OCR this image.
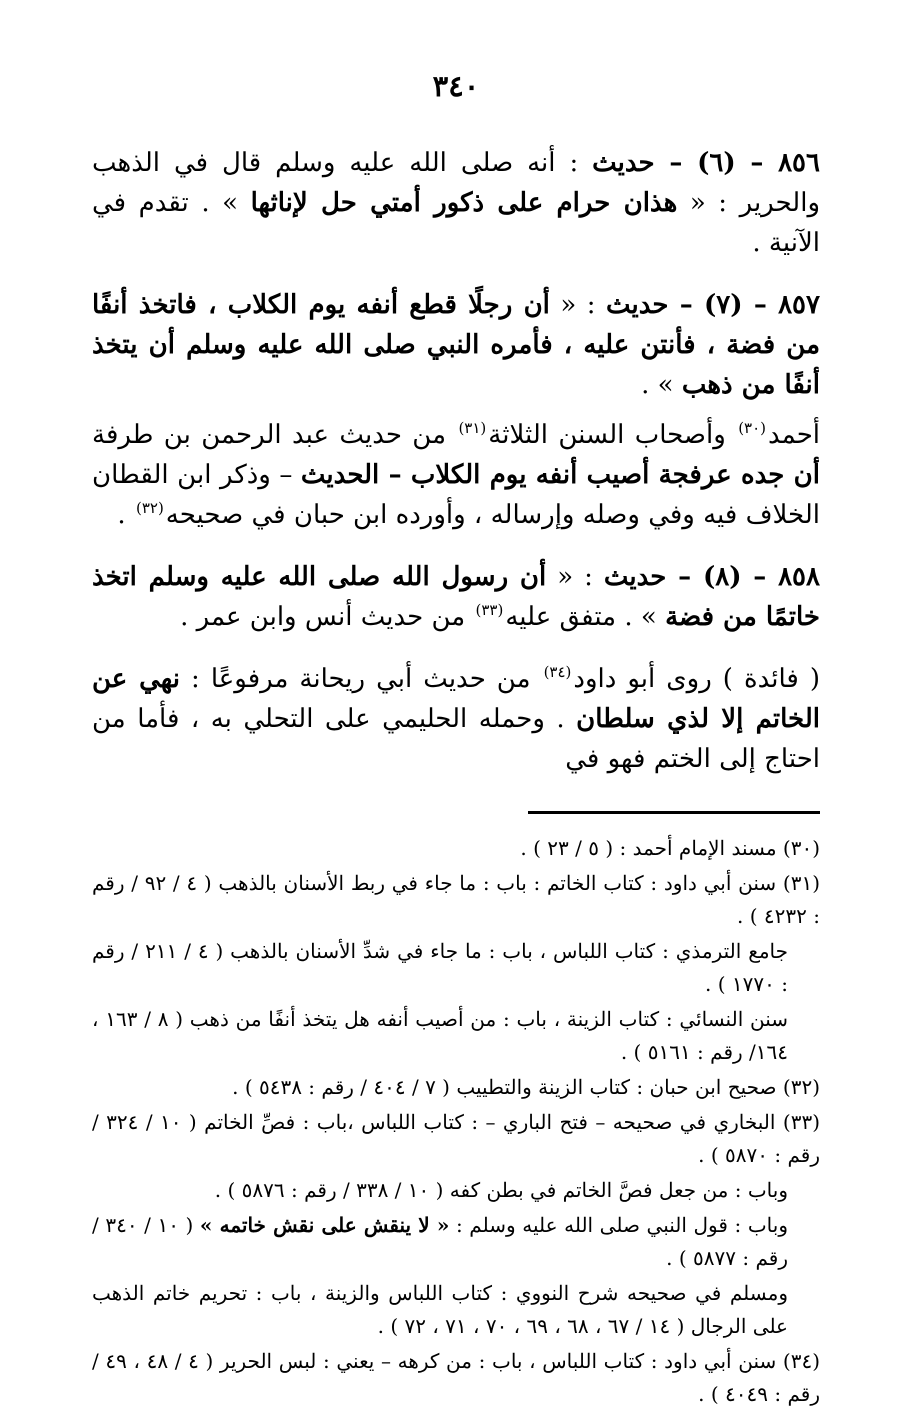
٣٤٠

٨٥٦ – (٦) – حديث : أنه صلى الله عليه وسلم قال في الذهب والحرير : « هذان حرام على ذكور أمتي حل لإناثها » . تقدم في الآنية .

٨٥٧ – (٧) – حديث : « أن رجلًا قطع أنفه يوم الكلاب ، فاتخذ أنفًا من فضة ، فأنتن عليه ، فأمره النبي صلى الله عليه وسلم أن يتخذ أنفًا من ذهب » .

أحمد$^{(٣٠)}$ وأصحاب السنن الثلاثة$^{(٣١)}$ من حديث عبد الرحمن بن طرفة أن جده عرفجة أصيب أنفه يوم الكلاب – الحديث – وذكر ابن القطان الخلاف فيه وفي وصله وإرساله ، وأورده ابن حبان في صحيحه$^{(٣٢)}$ .

٨٥٨ – (٨) – حديث : « أن رسول الله صلى الله عليه وسلم اتخذ خاتمًا من فضة » . متفق عليه$^{(٣٣)}$ من حديث أنس وابن عمر .

( فائدة ) روى أبو داود$^{(٣٤)}$ من حديث أبي ريحانة مرفوعًا : نهي عن الخاتم إلا لذي سلطان . وحمله الحليمي على التحلي به ، فأما من احتاج إلى الختم فهو في

(٣٠) مسند الإمام أحمد : ( ٥ / ٢٣ ) .

(٣١) سنن أبي داود : كتاب الخاتم : باب : ما جاء في ربط الأسنان بالذهب ( ٤ / ٩٢ / رقم : ٤٢٣٢ ) .

جامع الترمذي : كتاب اللباس ، باب : ما جاء في شدِّ الأسنان بالذهب ( ٤ / ٢١١ / رقم : ١٧٧٠ ) .

سنن النسائي : كتاب الزينة ، باب : من أصيب أنفه هل يتخذ أنفًا من ذهب ( ٨ / ١٦٣ ، ١٦٤/ رقم : ٥١٦١ ) .

(٣٢) صحيح ابن حبان : كتاب الزينة والتطييب ( ٧ / ٤٠٤ / رقم : ٥٤٣٨ ) .

(٣٣) البخاري في صحيحه – فتح الباري – : كتاب اللباس ،باب : فصِّ الخاتم ( ١٠ / ٣٢٤ / رقم : ٥٨٧٠ ) .

وباب : من جعل فصَّ الخاتم في بطن كفه ( ١٠ / ٣٣٨ / رقم : ٥٨٧٦ ) .

وباب : قول النبي صلى الله عليه وسلم : « لا ينقش على نقش خاتمه » ( ١٠ / ٣٤٠ / رقم : ٥٨٧٧ ) .

ومسلم في صحيحه شرح النووي : كتاب اللباس والزينة ، باب : تحريم خاتم الذهب على الرجال ( ١٤ / ٦٧ ، ٦٨ ، ٦٩ ، ٧٠ ، ٧١ ، ٧٢ ) .

(٣٤) سنن أبي داود : كتاب اللباس ، باب : من كرهه – يعني : لبس الحرير ( ٤ / ٤٨ ، ٤٩ / رقم : ٤٠٤٩ ) .
